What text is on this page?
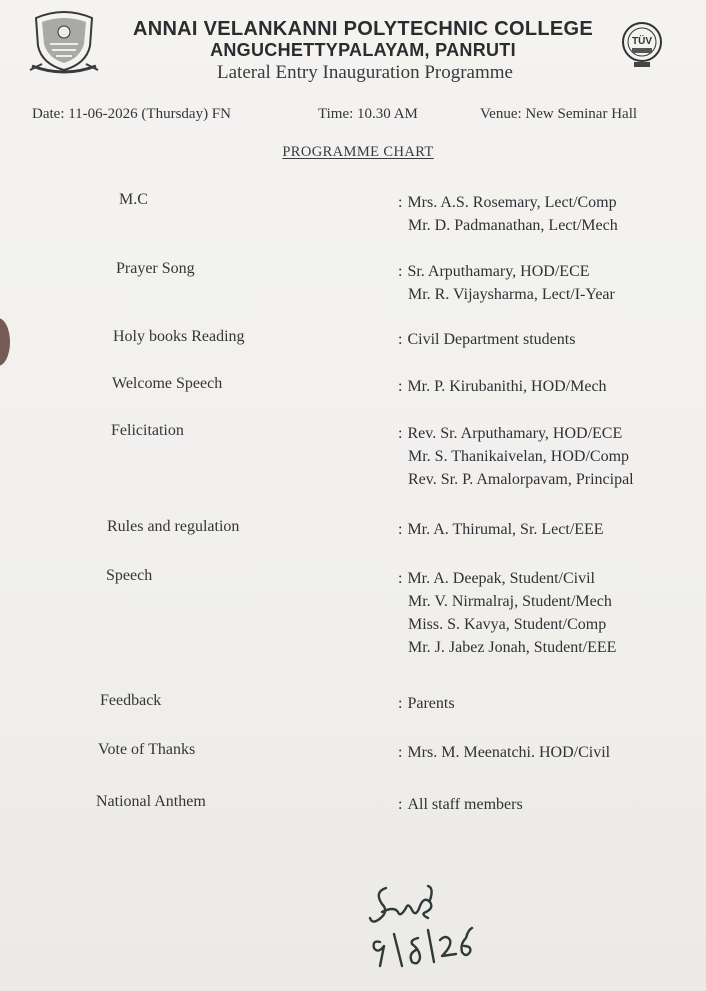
TÜV
ANNAI VELANKANNI POLYTECHNIC COLLEGE
ANGUCHETTYPALAYAM, PANRUTI
Lateral Entry Inauguration Programme
Date: 11-06-2026 (Thursday) FN	Time: 10.30 AM	Venue: New Seminar Hall
PROGRAMME CHART
M.C	: Mrs. A.S. Rosemary, Lect/Comp
Mr. D. Padmanathan, Lect/Mech
Prayer Song	: Sr. Arputhamary, HOD/ECE
Mr. R. Vijaysharma, Lect/I-Year
Holy books Reading	: Civil Department students
Welcome Speech	: Mr. P. Kirubanithi, HOD/Mech
Felicitation	: Rev. Sr. Arputhamary, HOD/ECE
Mr. S. Thanikaivelan, HOD/Comp
Rev. Sr. P. Amalorpavam, Principal
Rules and regulation	: Mr. A. Thirumal, Sr. Lect/EEE
Speech	: Mr. A. Deepak, Student/Civil
Mr. V. Nirmalraj, Student/Mech
Miss. S. Kavya, Student/Comp
Mr. J. Jabez Jonah, Student/EEE
Feedback	: Parents
Vote of Thanks	: Mrs. M. Meenatchi. HOD/Civil
National Anthem	: All staff members
